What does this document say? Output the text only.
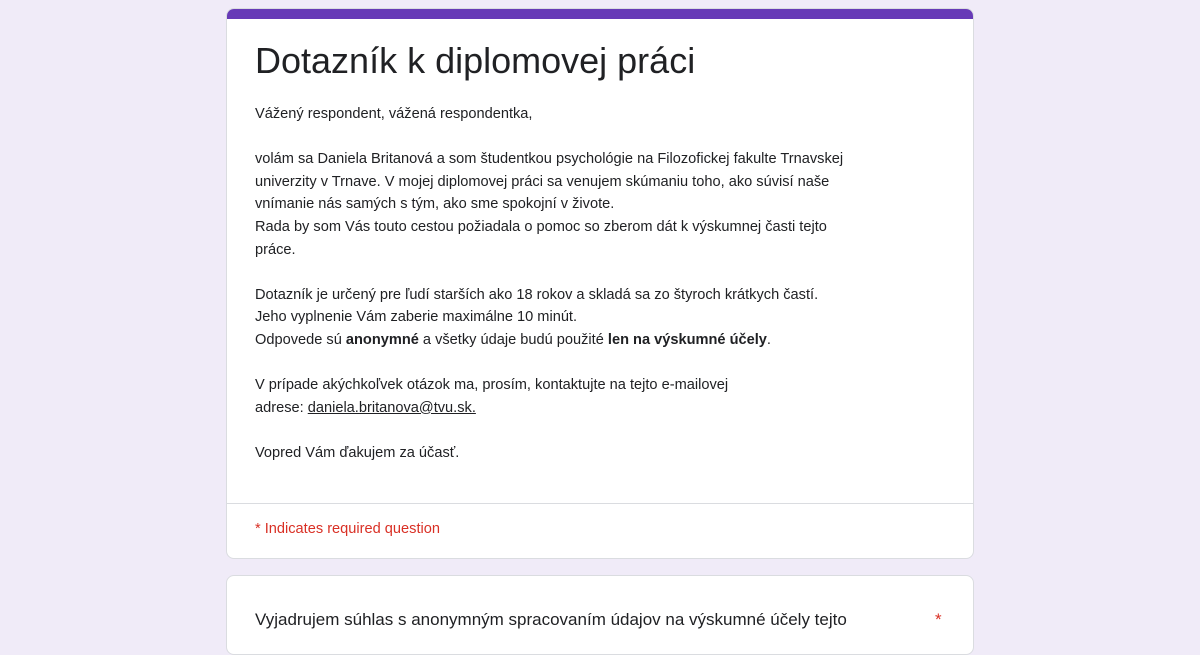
Dotazník k diplomovej práci

Vážený respondent, vážená respondentka,

volám sa Daniela Britanová a som študentkou psychológie na Filozofickej fakulte Trnavskej

univerzity v Trnave. V mojej diplomovej práci sa venujem skúmaniu toho, ako súvisí naše

vnímanie nás samých s tým, ako sme spokojní v živote.

Rada by som Vás touto cestou požiadala o pomoc so zberom dát k výskumnej časti tejto

práce.

Dotazník je určený pre ľudí starších ako 18 rokov a skladá sa zo štyroch krátkych častí.

Jeho vyplnenie Vám zaberie maximálne 10 minút.

Odpovede sú anonymné a všetky údaje budú použité len na výskumné účely.

V prípade akýchkoľvek otázok ma, prosím, kontaktujte na tejto e-mailovej

adrese: daniela.britanova@tvu.sk.

Vopred Vám ďakujem za účasť.

* Indicates required question
Vyjadrujem súhlas s anonymným spracovaním údajov na výskumné účely tejto	*
